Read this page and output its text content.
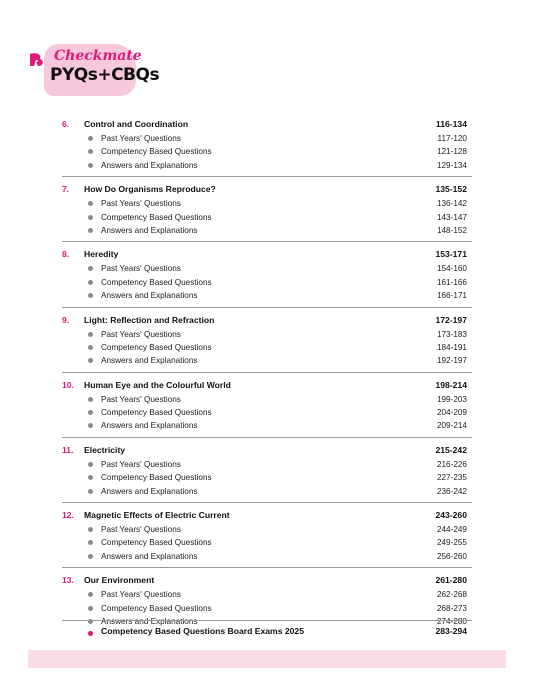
Checkmate
PYQs+CBQs
6. Control and Coordination	116-134
Past Years' Questions	117-120
Competency Based Questions	121-128
Answers and Explanations	129-134
7. How Do Organisms Reproduce?	135-152
Past Years' Questions	136-142
Competency Based Questions	143-147
Answers and Explanations	148-152
8. Heredity	153-171
Past Years' Questions	154-160
Competency Based Questions	161-166
Answers and Explanations	166-171
9. Light: Reflection and Refraction	172-197
Past Years' Questions	173-183
Competency Based Questions	184-191
Answers and Explanations	192-197
10. Human Eye and the Colourful World	198-214
Past Years' Questions	199-203
Competency Based Questions	204-209
Answers and Explanations	209-214
11. Electricity	215-242
Past Years' Questions	216-226
Competency Based Questions	227-235
Answers and Explanations	236-242
12. Magnetic Effects of Electric Current	243-260
Past Years' Questions	244-249
Competency Based Questions	249-255
Answers and Explanations	256-260
13. Our Environment	261-280
Past Years' Questions	262-268
Competency Based Questions	268-273
Answers and Explanations	274-280
Competency Based Questions Board Exams 2025	283-294
